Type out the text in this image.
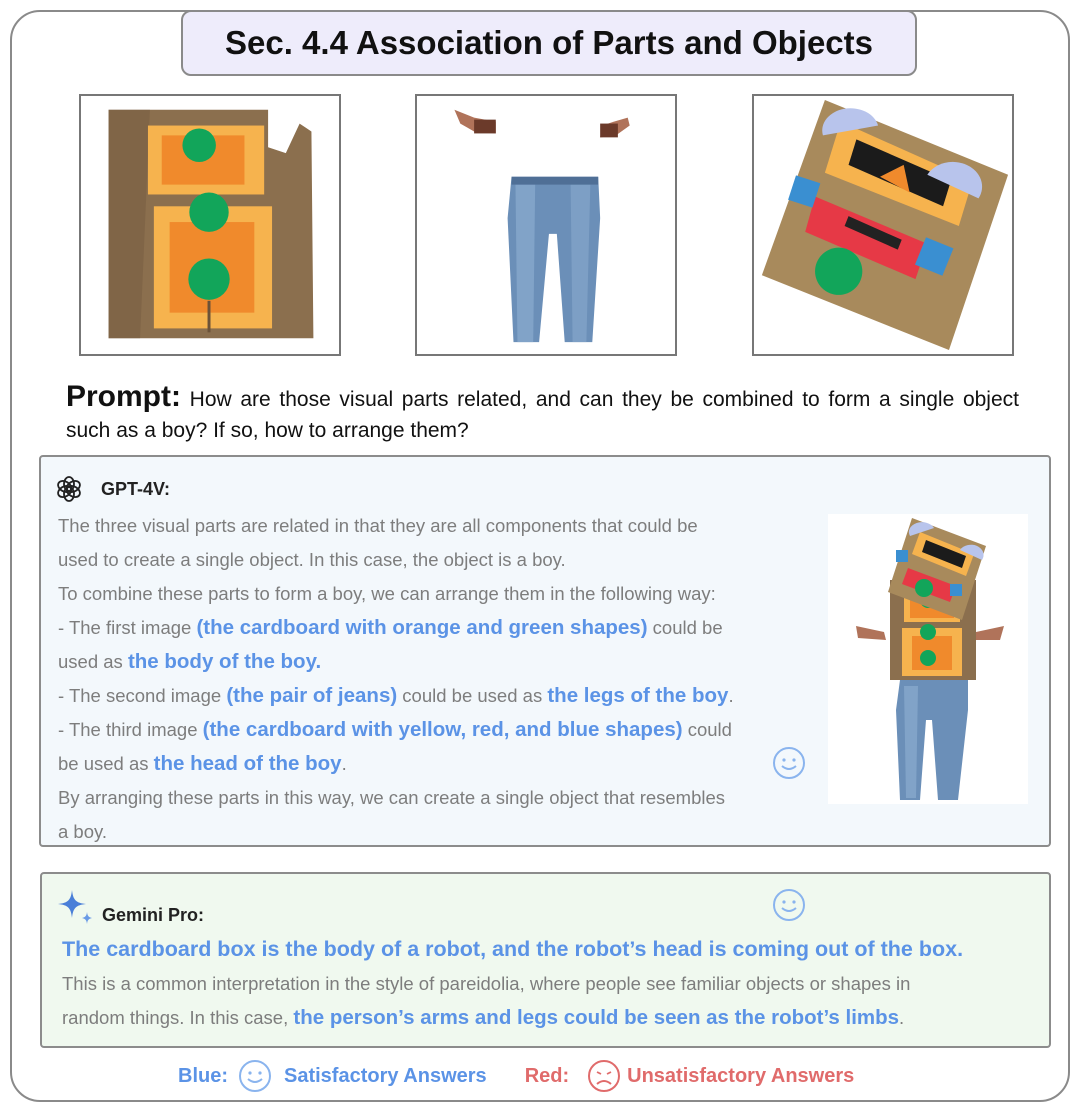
Sec. 4.4 Association of Parts and Objects
Prompt: How are those visual parts related, and can they be combined to form a single object such as a boy? If so, how to arrange them?
GPT-4V:
The three visual parts are related in that they are all components that could be
used to create a single object. In this case, the object is a boy.
To combine these parts to form a boy, we can arrange them in the following way:
- The first image (the cardboard with orange and green shapes) could be
used as the body of the boy.
- The second image (the pair of jeans) could be used as the legs of the boy.
- The third image (the cardboard with yellow, red, and blue shapes) could
be used as the head of the boy.
By arranging these parts in this way, we can create a single object that resembles
a boy.
Gemini Pro:
The cardboard box is the body of a robot, and the robot’s head is coming out of the box.
This is a common interpretation in the style of pareidolia, where people see familiar objects or shapes in
random things. In this case, the person’s arms and legs could be seen as the robot’s limbs.
Blue:	Satisfactory Answers Red:	Unsatisfactory Answers
